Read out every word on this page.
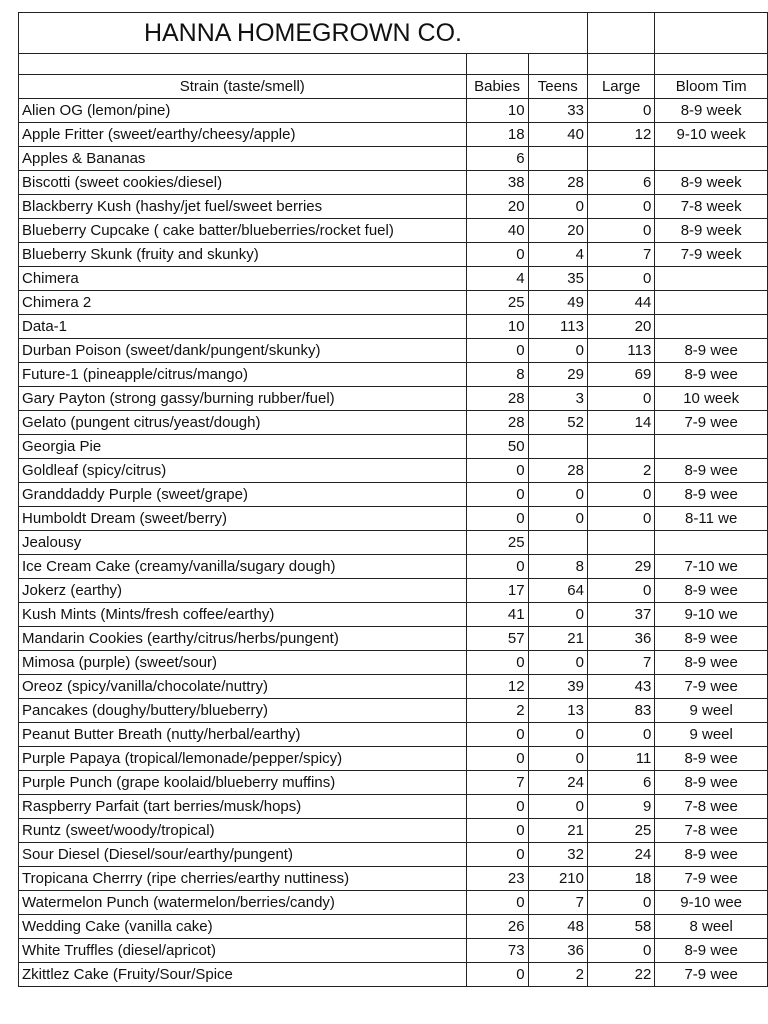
HANNA HOMEGROWN CO.				

Strain (taste/smell)	Babies	Teens	Large	Bloom Tim
Alien OG (lemon/pine)	10	33	0	8-9 week
Apple Fritter (sweet/earthy/cheesy/apple)	18	40	12	9-10 week
Apples & Bananas	6			
Biscotti (sweet cookies/diesel)	38	28	6	8-9 week
Blackberry Kush (hashy/jet fuel/sweet berries	20	0	0	7-8 week
Blueberry Cupcake ( cake batter/blueberries/rocket fuel)	40	20	0	8-9 week
Blueberry Skunk (fruity and skunky)	0	4	7	7-9 week
Chimera	4	35	0	
Chimera 2	25	49	44	
Data-1	10	113	20	
Durban Poison (sweet/dank/pungent/skunky)	0	0	113	8-9 wee
Future-1 (pineapple/citrus/mango)	8	29	69	8-9 wee
Gary Payton (strong gassy/burning rubber/fuel)	28	3	0	10 week
Gelato (pungent citrus/yeast/dough)	28	52	14	7-9 wee
Georgia Pie	50			
Goldleaf (spicy/citrus)	0	28	2	8-9 wee
Granddaddy Purple (sweet/grape)	0	0	0	8-9 wee
Humboldt Dream (sweet/berry)	0	0	0	8-11 we
Jealousy	25			
Ice Cream Cake (creamy/vanilla/sugary dough)	0	8	29	7-10 we
Jokerz (earthy)	17	64	0	8-9 wee
Kush Mints (Mints/fresh coffee/earthy)	41	0	37	9-10 we
Mandarin Cookies (earthy/citrus/herbs/pungent)	57	21	36	8-9 wee
Mimosa (purple) (sweet/sour)	0	0	7	8-9 wee
Oreoz (spicy/vanilla/chocolate/nuttry)	12	39	43	7-9 wee
Pancakes (doughy/buttery/blueberry)	2	13	83	9 weel
Peanut Butter Breath (nutty/herbal/earthy)	0	0	0	9 weel
Purple Papaya (tropical/lemonade/pepper/spicy)	0	0	11	8-9 wee
Purple Punch (grape koolaid/blueberry muffins)	7	24	6	8-9 wee
Raspberry Parfait (tart berries/musk/hops)	0	0	9	7-8 wee
Runtz (sweet/woody/tropical)	0	21	25	7-8 wee
Sour Diesel (Diesel/sour/earthy/pungent)	0	32	24	8-9 wee
Tropicana Cherrry (ripe cherries/earthy nuttiness)	23	210	18	7-9 wee
Watermelon Punch (watermelon/berries/candy)	0	7	0	9-10 wee
Wedding Cake (vanilla cake)	26	48	58	8 weel
White Truffles (diesel/apricot)	73	36	0	8-9 wee
Zkittlez Cake (Fruity/Sour/Spice	0	2	22	7-9 wee
